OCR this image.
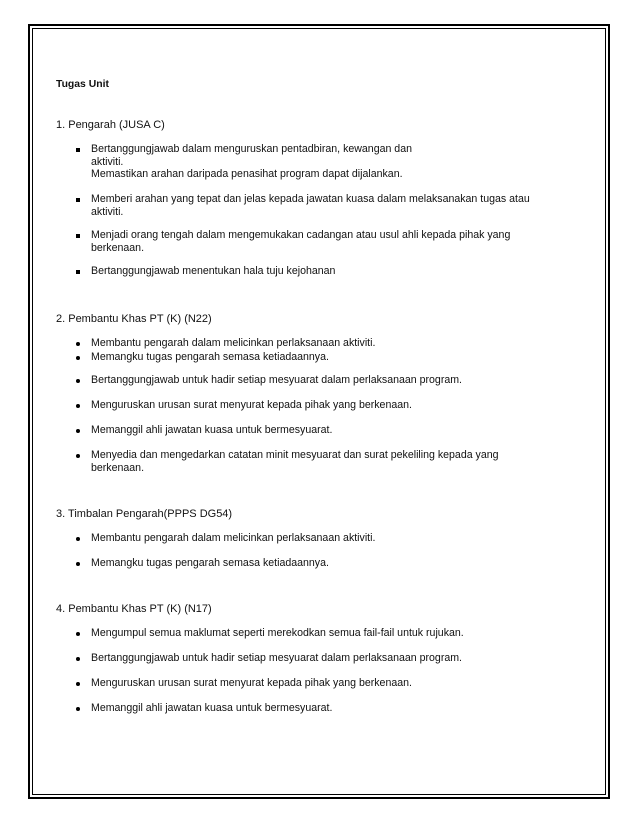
Tugas Unit
1. Pengarah (JUSA C)
Bertanggungjawab dalam menguruskan pentadbiran, kewangan dan
aktiviti.
Memastikan arahan daripada penasihat program dapat dijalankan.
Memberi arahan yang tepat dan jelas kepada jawatan kuasa dalam melaksanakan tugas atau
aktiviti.
Menjadi orang tengah dalam mengemukakan cadangan atau usul ahli kepada pihak yang
berkenaan.
Bertanggungjawab menentukan hala tuju kejohanan
2. Pembantu Khas PT (K) (N22)
Membantu pengarah dalam melicinkan perlaksanaan aktiviti.
Memangku tugas pengarah semasa ketiadaannya.
Bertanggungjawab untuk hadir setiap mesyuarat dalam perlaksanaan program.
Menguruskan urusan surat menyurat kepada pihak yang berkenaan.
Memanggil ahli jawatan kuasa untuk bermesyuarat.
Menyedia dan mengedarkan catatan minit mesyuarat dan surat pekeliling kepada yang
berkenaan.
3. Timbalan Pengarah(PPPS DG54)
Membantu pengarah dalam melicinkan perlaksanaan aktiviti.
Memangku tugas pengarah semasa ketiadaannya.
4. Pembantu Khas PT (K) (N17)
Mengumpul semua maklumat seperti merekodkan semua fail-fail untuk rujukan.
Bertanggungjawab untuk hadir setiap mesyuarat dalam perlaksanaan program.
Menguruskan urusan surat menyurat kepada pihak yang berkenaan.
Memanggil ahli jawatan kuasa untuk bermesyuarat.
